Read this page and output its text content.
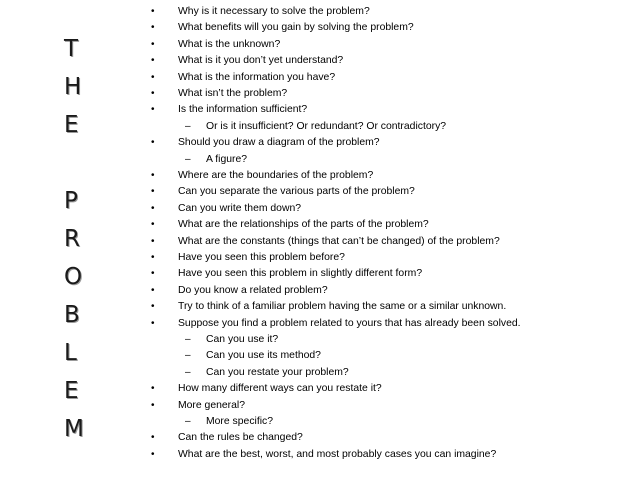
T
H
E
P
R
O
B
L
E
M
• Why is it necessary to solve the problem?
• What benefits will you gain by solving the problem?
• What is the unknown?
• What is it you don’t yet understand?
• What is the information you have?
• What isn’t the problem?
• Is the information sufficient?
– Or is it insufficient? Or redundant? Or contradictory?
• Should you draw a diagram of the problem?
– A figure?
• Where are the boundaries of the problem?
• Can you separate the various parts of the problem?
• Can you write them down?
• What are the relationships of the parts of the problem?
• What are the constants (things that can’t be changed) of the problem?
• Have you seen this problem before?
• Have you seen this problem in slightly different form?
• Do you know a related problem?
• Try to think of a familiar problem having the same or a similar unknown.
• Suppose you find a problem related to yours that has already been solved.
– Can you use it?
– Can you use its method?
– Can you restate your problem?
• How many different ways can you restate it?
• More general?
– More specific?
• Can the rules be changed?
• What are the best, worst, and most probably cases you can imagine?
